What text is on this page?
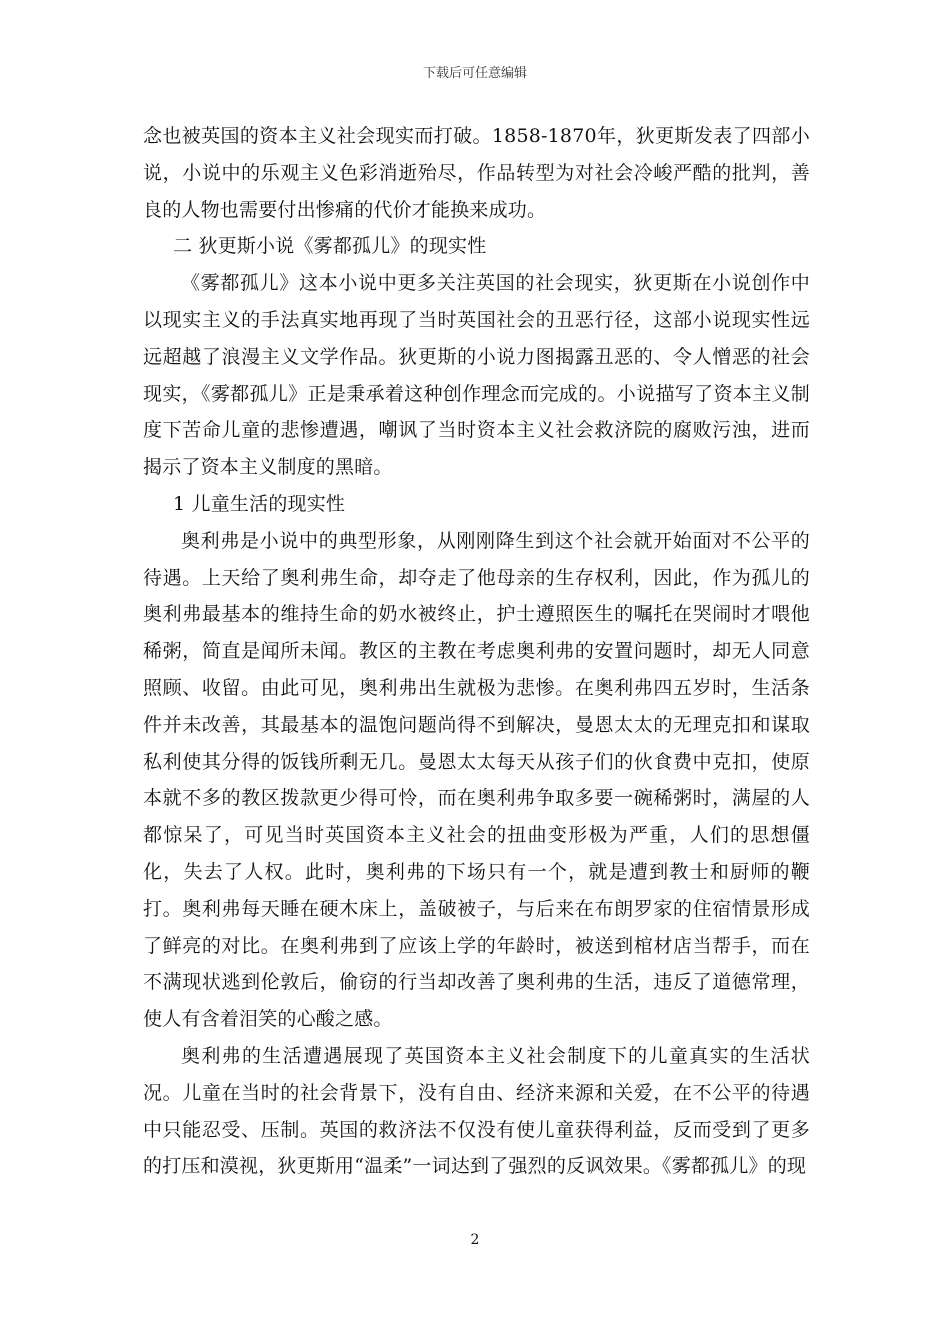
下载后可任意编辑

念也被英国的资本主义社会现实而打破。1858-1870年，狄更斯发表了四部小说，小说中的乐观主义色彩消逝殆尽，作品转型为对社会冷峻严酷的批判，善良的人物也需要付出惨痛的代价才能换来成功。

二 狄更斯小说《雾都孤儿》的现实性

《雾都孤儿》这本小说中更多关注英国的社会现实，狄更斯在小说创作中以现实主义的手法真实地再现了当时英国社会的丑恶行径，这部小说现实性远远超越了浪漫主义文学作品。狄更斯的小说力图揭露丑恶的、令人憎恶的社会现实，《雾都孤儿》正是秉承着这种创作理念而完成的。小说描写了资本主义制度下苦命儿童的悲惨遭遇，嘲讽了当时资本主义社会救济院的腐败污浊，进而揭示了资本主义制度的黑暗。

1 儿童生活的现实性

奥利弗是小说中的典型形象，从刚刚降生到这个社会就开始面对不公平的待遇。上天给了奥利弗生命，却夺走了他母亲的生存权利，因此，作为孤儿的奥利弗最基本的维持生命的奶水被终止，护士遵照医生的嘱托在哭闹时才喂他稀粥，简直是闻所未闻。教区的主教在考虑奥利弗的安置问题时，却无人同意照顾、收留。由此可见，奥利弗出生就极为悲惨。在奥利弗四五岁时，生活条件并未改善，其最基本的温饱问题尚得不到解决，曼恩太太的无理克扣和谋取私利使其分得的饭钱所剩无几。曼恩太太每天从孩子们的伙食费中克扣，使原本就不多的教区拨款更少得可怜，而在奥利弗争取多要一碗稀粥时，满屋的人都惊呆了，可见当时英国资本主义社会的扭曲变形极为严重，人们的思想僵化，失去了人权。此时，奥利弗的下场只有一个，就是遭到教士和厨师的鞭打。奥利弗每天睡在硬木床上，盖破被子，与后来在布朗罗家的住宿情景形成了鲜亮的对比。在奥利弗到了应该上学的年龄时，被送到棺材店当帮手，而在不满现状逃到伦敦后，偷窃的行当却改善了奥利弗的生活，违反了道德常理，使人有含着泪笑的心酸之感。

奥利弗的生活遭遇展现了英国资本主义社会制度下的儿童真实的生活状况。儿童在当时的社会背景下，没有自由、经济来源和关爱，在不公平的待遇中只能忍受、压制。英国的救济法不仅没有使儿童获得利益，反而受到了更多的打压和漠视，狄更斯用“温柔”一词达到了强烈的反讽效果。《雾都孤儿》的现

2
